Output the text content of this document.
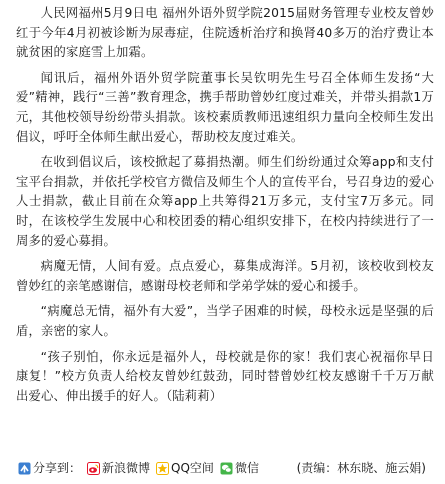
人民网福州5月9日电 福州外语外贸学院2015届财务管理专业校友曾妙红于今年4月初被诊断为尿毒症，住院透析治疗和换肾40多万的治疗费让本就贫困的家庭雪上加霜。

闻讯后，福州外语外贸学院董事长吴钦明先生号召全体师生发扬“大爱”精神，践行“三善”教育理念，携手帮助曾妙红度过难关，并带头捐款1万元，其他校领导纷纷带头捐款。该校素质教师迅速组织力量向全校师生发出倡议，呼吁全体师生献出爱心，帮助校友度过难关。

在收到倡议后，该校掀起了募捐热潮。师生们纷纷通过众筹app和支付宝平台捐款，并依托学校官方微信及师生个人的宣传平台，号召身边的爱心人士捐款，截止目前在众筹app上共筹得21万多元，支付宝7万多元。同时，在该校学生发展中心和校团委的精心组织安排下，在校内持续进行了一周多的爱心募捐。

病魔无情，人间有爱。点点爱心，募集成海洋。5月初，该校收到校友曾妙红的亲笔感谢信，感谢母校老师和学弟学妹的爱心和援手。

“病魔总无情，福外有大爱”，当学子困难的时候，母校永远是坚强的后盾，亲密的家人。

“孩子别怕，你永远是福外人，母校就是你的家！我们衷心祝福你早日康复！”校方负责人给校友曾妙红鼓劲，同时替曾妙红校友感谢千千万万献出爱心、伸出援手的好人。（陆莉莉）

分享到： 新浪微博 QQ空间 微信	(责编：林东晓、施云娟)
